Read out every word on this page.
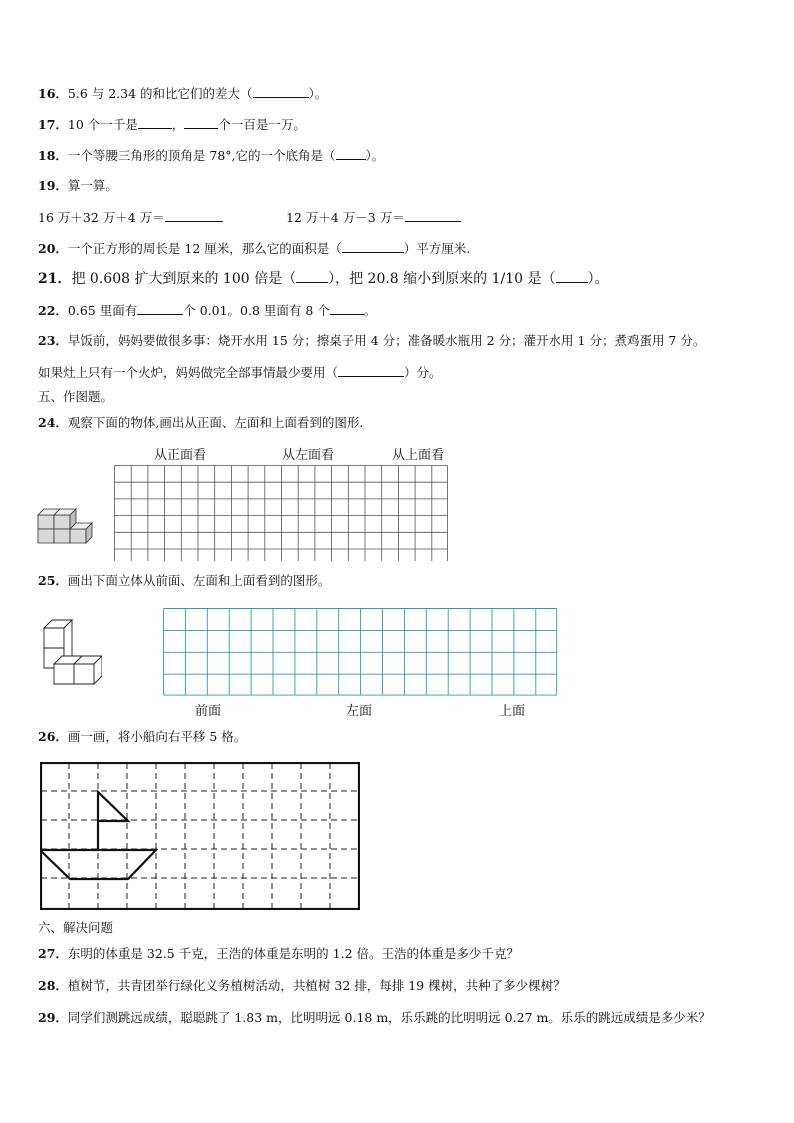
16．5.6 与 2.34 的和比它们的差大（	）。
17．10 个一千是	，	个一百是一万。
18．一个等腰三角形的顶角是 78°,它的一个底角是（ ）。
19．算一算。
16 万＋32 万＋4 万＝	12 万＋4 万－3 万＝
20．一个正方形的周长是 12 厘米，那么它的面积是（	）平方厘米.
21．把 0.608 扩大到原来的 100 倍是（ ），把 20.8 缩小到原来的 1/10 是（ ）。
22．0.65 里面有	个 0.01。0.8 里面有 8 个	。
23．早饭前，妈妈要做很多事：烧开水用 15 分；擦桌子用 4 分；准备暖水瓶用 2 分；灌开水用 1 分；煮鸡蛋用 7 分。
如果灶上只有一个火炉，妈妈做完全部事情最少要用（	）分。
五、作图题。
24．观察下面的物体,画出从正面、左面和上面看到的图形.
从正面看	从左面看	从上面看
25．画出下面立体从前面、左面和上面看到的图形。
前面	左面	上面
26．画一画，将小船向右平移 5 格。
六、解决问题
27．东明的体重是 32.5 千克，王浩的体重是东明的 1.2 倍。王浩的体重是多少千克？
28．植树节，共青团举行绿化义务植树活动，共植树 32 排，每排 19 棵树，共种了多少棵树？
29．同学们测跳远成绩，聪聪跳了 1.83 m，比明明远 0.18 m，乐乐跳的比明明远 0.27 m。乐乐的跳远成绩是多少米？
